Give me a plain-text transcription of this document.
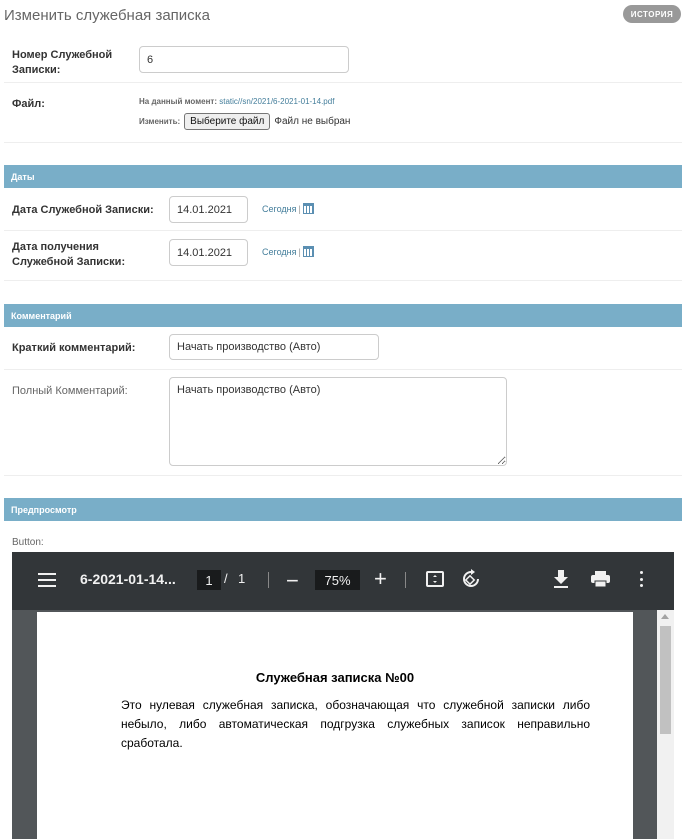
Изменить служебная записка	ИСТОРИЯ
Номер Служебной Записки:
6
Файл:	На данный момент: static//sn/2021/6-2021-01-14.pdf
Изменить:	Выберите файл	Файл не выбран
Даты
Дата Служебной Записки:	14.01.2021	Сегодня |
Дата получения Служебной Записки:
14.01.2021	Сегодня |
Комментарий
Краткий комментарий:	Начать производство (Авто)
Полный Комментарий:
Начать производство (Авто)
Предпросмотр
Button:
6-2021-01-14...	1 / 1 −	75%	+
Служебная записка №00
Это нулевая служебная записка, обозначающая что служебной записки либо небыло, либо автоматическая подгрузка служебных записок неправильно сработала.
